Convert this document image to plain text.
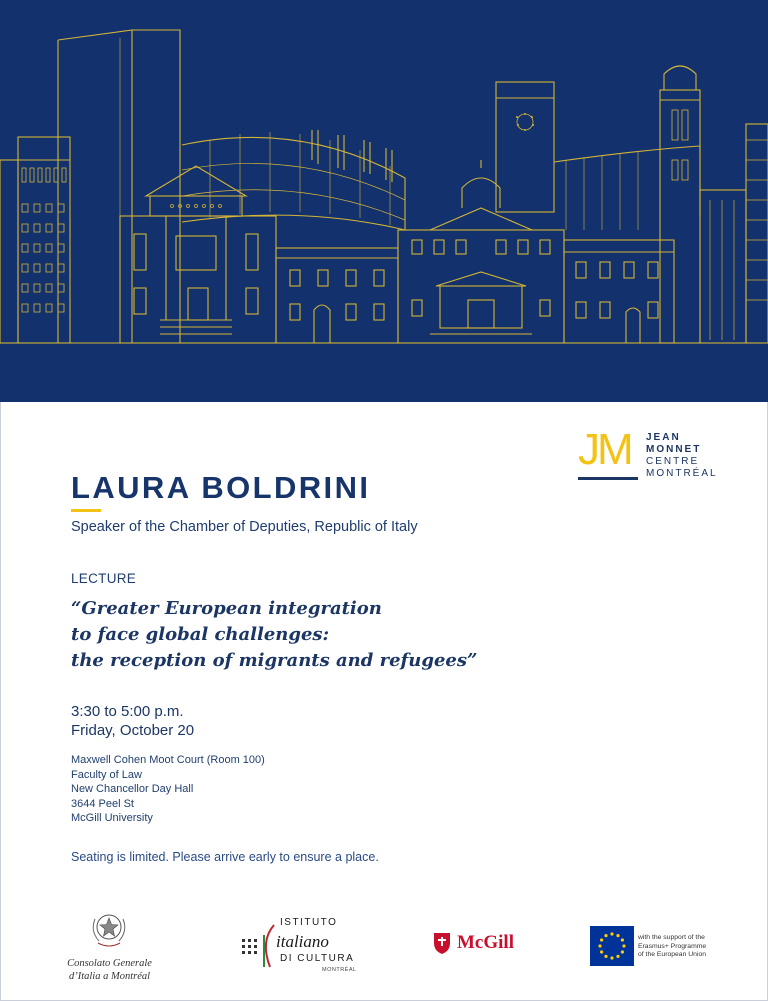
JM JEAN
MONNET
CENTRE
MONTRÉAL
LAURA BOLDRINI
Speaker of the Chamber of Deputies, Republic of Italy
LECTURE
“Greater European integration
to face global challenges:
the reception of migrants and refugees”
3:30 to 5:00 p.m.
Friday, October 20
Maxwell Cohen Moot Court (Room 100)
Faculty of Law
New Chancellor Day Hall
3644 Peel St
McGill University
Seating is limited. Please arrive early to ensure a place.
Consolato Generale
d’Italia a Montréal
ISTITUTO
italiano
DI CULTURA
MONTRÉAL
McGill	with the support of the
Erasmus+ Programme
of the European Union
